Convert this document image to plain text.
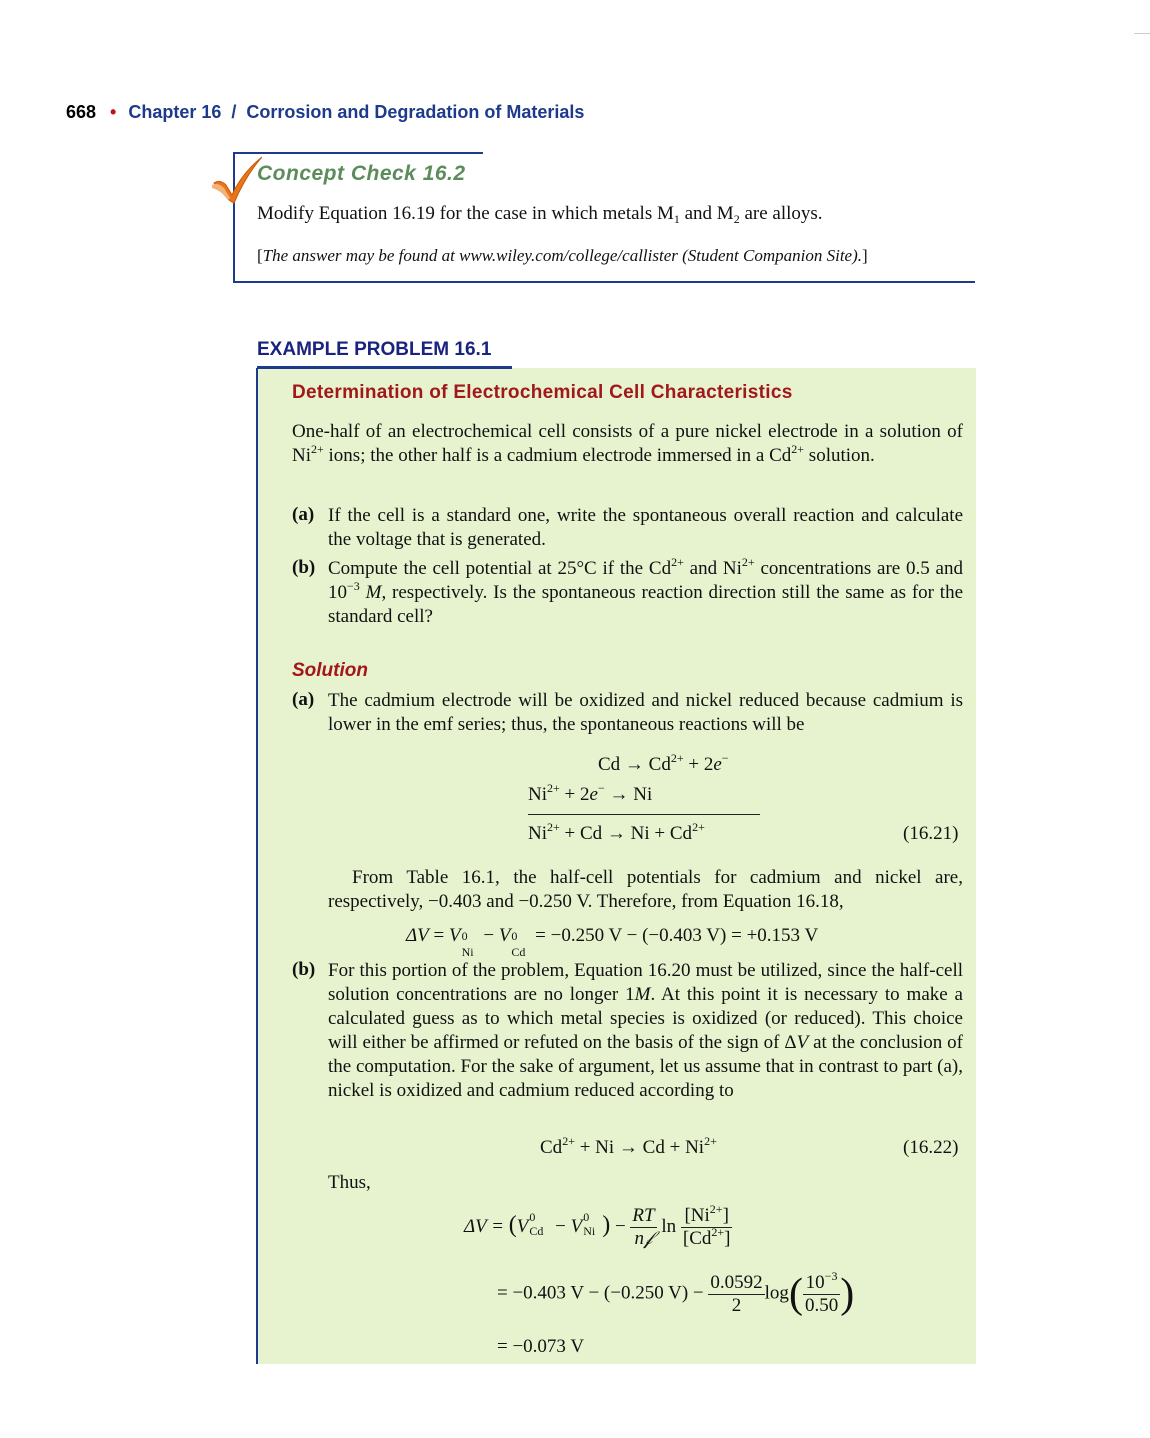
668 • Chapter 16  /  Corrosion and Degradation of Materials
Concept Check 16.2
Modify Equation 16.19 for the case in which metals $M_1$ and $M_2$ are alloys.
[The answer may be found at www.wiley.com/college/callister (Student Companion Site).]
EXAMPLE PROBLEM 16.1
Determination of Electrochemical Cell Characteristics
One-half of an electrochemical cell consists of a pure nickel electrode in a solution of $Ni^{2+}$ ions; the other half is a cadmium electrode immersed in a $Cd^{2+}$ solution.
(a) If the cell is a standard one, write the spontaneous overall reaction and calculate the voltage that is generated.
(b) Compute the cell potential at 25°C if the $Cd^{2+}$ and $Ni^{2+}$ concentrations are 0.5 and $10^{-3}$ M, respectively. Is the spontaneous reaction direction still the same as for the standard cell?
Solution
(a) The cadmium electrode will be oxidized and nickel reduced because cadmium is lower in the emf series; thus, the spontaneous reactions will be
$Cd \to Cd^{2+} + 2e^-$
$Ni^{2+} + 2e^- \to Ni$
$Ni^{2+} + Cd \to Ni + Cd^{2+}$	(16.21)
From Table 16.1, the half-cell potentials for cadmium and nickel are, respectively, −0.403 and −0.250 V. Therefore, from Equation 16.18,
ΔV = V 0
Ni
− V 0
Cd
= −0.250 V − (−0.403 V) = +0.153 V
(b) For this portion of the problem, Equation 16.20 must be utilized, since the half-cell solution concentrations are no longer 1M. At this point it is necessary to make a calculated guess as to which metal species is oxidized (or reduced). This choice will either be affirmed or refuted on the basis of the sign of ΔV at the conclusion of the computation. For the sake of argument, let us assume that in contrast to part (a), nickel is oxidized and cadmium reduced according to
$Cd^{2+} + Ni \to Cd + Ni^{2+}$	(16.22)
Thus,
ΔV = (V 0
Cd − V 0
Ni ) − $\frac{RT}{\text{n𝒻}}$ $\ln \frac{[Ni^{2+}]}{[Cd^{2+}]}$
= −0.403 V − (−0.250 $V) - \frac{0.0592}{2} \log( \frac{10^{-3}}{0.50}$ )
= −0.073 V
